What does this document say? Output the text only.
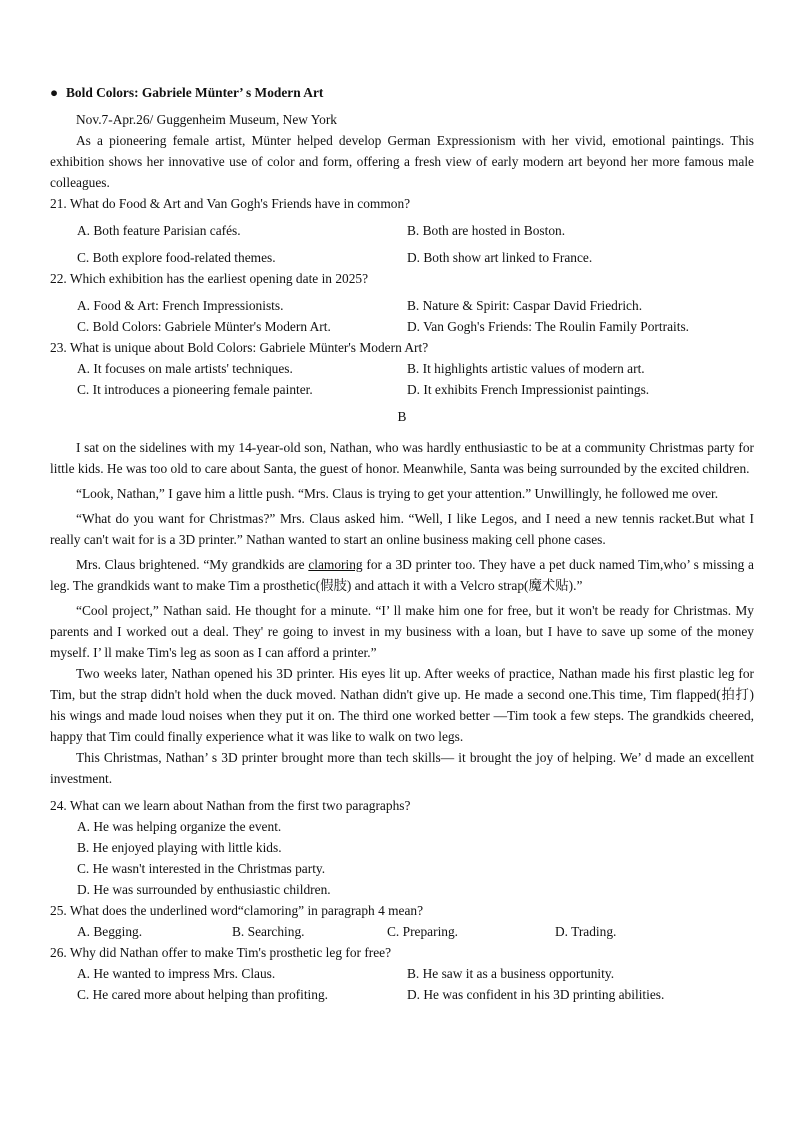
● Bold Colors: Gabriele Münter’ s Modern Art

Nov.7-Apr.26/ Guggenheim Museum, New York

As a pioneering female artist, Münter helped develop German Expressionism with her vivid, emotional paintings. This exhibition shows her innovative use of color and form, offering a fresh view of early modern art beyond her more famous male colleagues.

21. What do Food & Art and Van Gogh's Friends have in common?

A. Both feature Parisian cafés.	B. Both are hosted in Boston.
C. Both explore food-related themes.	D. Both show art linked to France.

22. Which exhibition has the earliest opening date in 2025?

A. Food & Art: French Impressionists.	B. Nature & Spirit: Caspar David Friedrich.
C. Bold Colors: Gabriele Münter's Modern Art.	D. Van Gogh's Friends: The Roulin Family Portraits.

23. What is unique about Bold Colors: Gabriele Münter's Modern Art?

A. It focuses on male artists' techniques.	B. It highlights artistic values of modern art.
C. It introduces a pioneering female painter.	D. It exhibits French Impressionist paintings.

B

I sat on the sidelines with my 14-year-old son, Nathan, who was hardly enthusiastic to be at a community Christmas party for little kids. He was too old to care about Santa, the guest of honor. Meanwhile, Santa was being surrounded by the excited children.

“Look, Nathan,” I gave him a little push. “Mrs. Claus is trying to get your attention.” Unwillingly, he followed me over.

“What do you want for Christmas?” Mrs. Claus asked him. “Well, I like Legos, and I need a new tennis racket.But what I really can't wait for is a 3D printer.” Nathan wanted to start an online business making cell phone cases.

Mrs. Claus brightened. “My grandkids are clamoring for a 3D printer too. They have a pet duck named Tim,who’ s missing a leg. The grandkids want to make Tim a prosthetic(假肢) and attach it with a Velcro strap(魔术贴).”

“Cool project,” Nathan said. He thought for a minute. “I’ ll make him one for free, but it won't be ready for Christmas. My parents and I worked out a deal. They' re going to invest in my business with a loan, but I have to save up some of the money myself. I’ ll make Tim's leg as soon as I can afford a printer.”

Two weeks later, Nathan opened his 3D printer. His eyes lit up. After weeks of practice, Nathan made his first plastic leg for Tim, but the strap didn't hold when the duck moved. Nathan didn't give up. He made a second one.This time, Tim flapped(拍打) his wings and made loud noises when they put it on. The third one worked better —Tim took a few steps. The grandkids cheered, happy that Tim could finally experience what it was like to walk on two legs.

This Christmas, Nathan’ s 3D printer brought more than tech skills— it brought the joy of helping. We’ d made an excellent investment.

24. What can we learn about Nathan from the first two paragraphs?

A. He was helping organize the event.

B. He enjoyed playing with little kids.

C. He wasn't interested in the Christmas party.

D. He was surrounded by enthusiastic children.

25. What does the underlined word“clamoring” in paragraph 4 mean?

A. Begging.	B. Searching.	C. Preparing.	D. Trading.

26. Why did Nathan offer to make Tim's prosthetic leg for free?

A. He wanted to impress Mrs. Claus.	B. He saw it as a business opportunity.
C. He cared more about helping than profiting.	D. He was confident in his 3D printing abilities.
